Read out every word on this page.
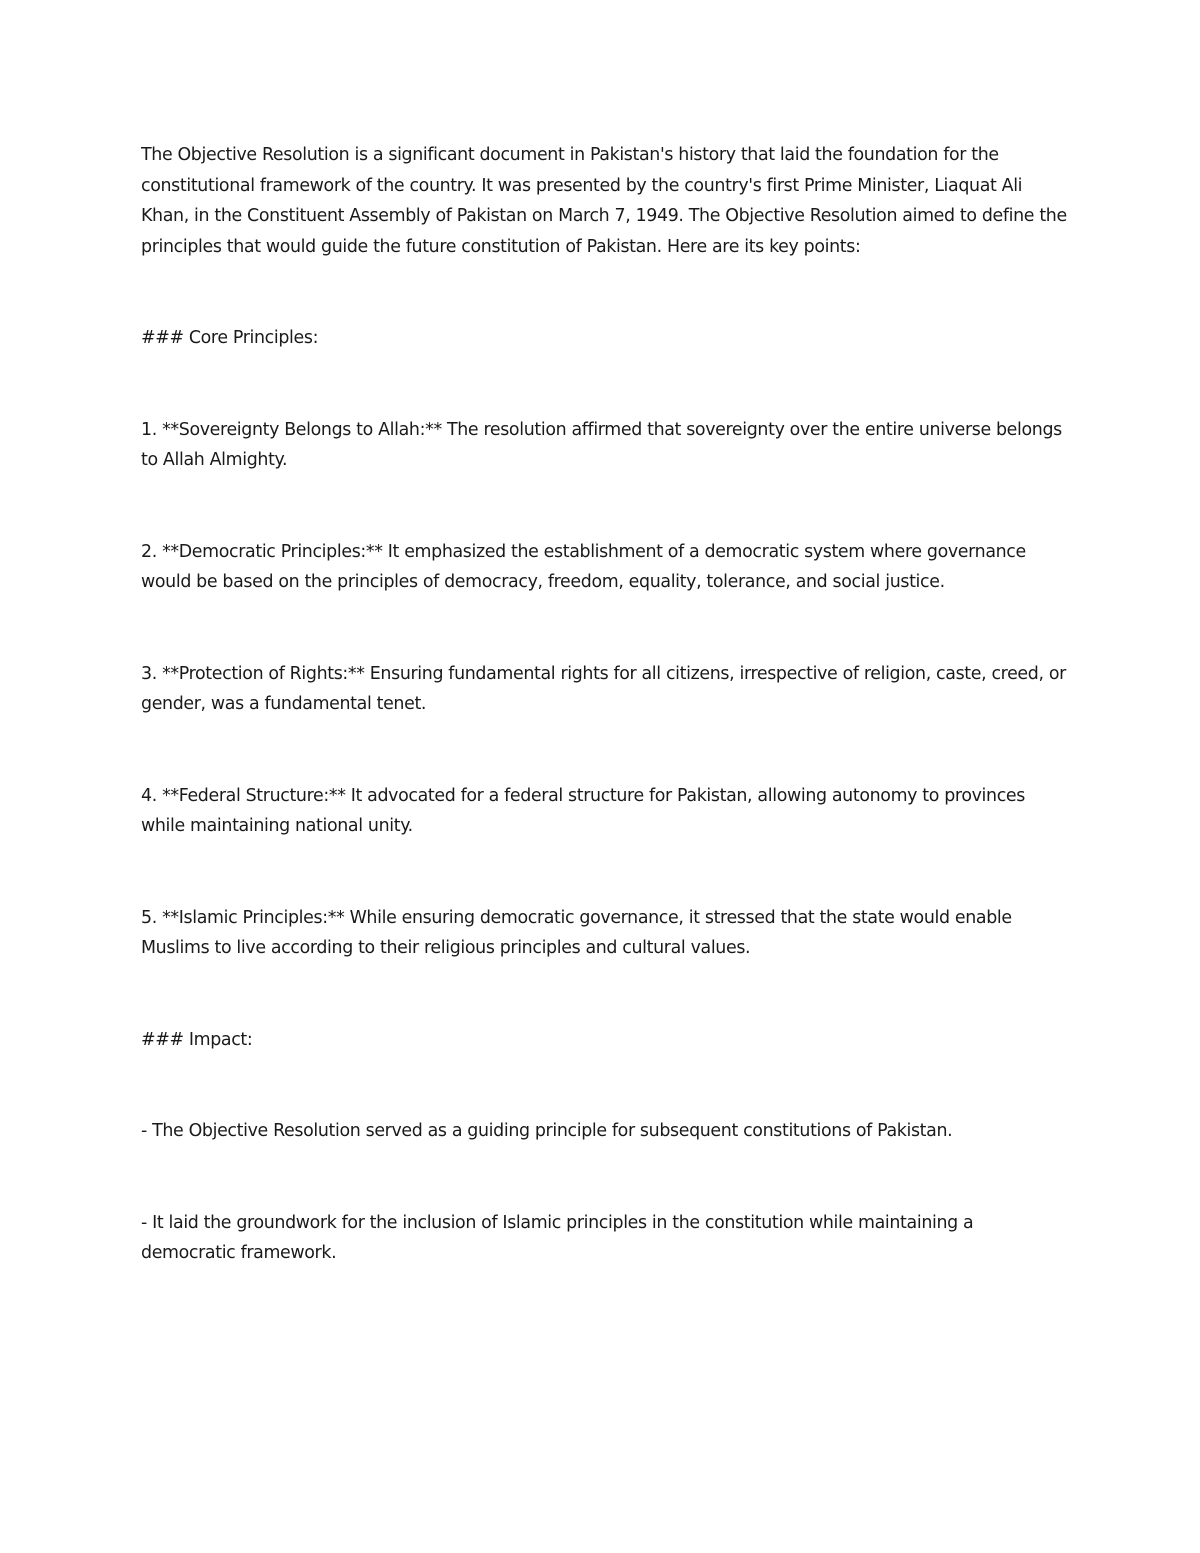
The Objective Resolution is a significant document in Pakistan's history that laid the foundation for the constitutional framework of the country. It was presented by the country's first Prime Minister, Liaquat Ali Khan, in the Constituent Assembly of Pakistan on March 7, 1949. The Objective Resolution aimed to define the principles that would guide the future constitution of Pakistan. Here are its key points:

### Core Principles:

1. **Sovereignty Belongs to Allah:** The resolution affirmed that sovereignty over the entire universe belongs to Allah Almighty.

2. **Democratic Principles:** It emphasized the establishment of a democratic system where governance would be based on the principles of democracy, freedom, equality, tolerance, and social justice.

3. **Protection of Rights:** Ensuring fundamental rights for all citizens, irrespective of religion, caste, creed, or gender, was a fundamental tenet.

4. **Federal Structure:** It advocated for a federal structure for Pakistan, allowing autonomy to provinces while maintaining national unity.

5. **Islamic Principles:** While ensuring democratic governance, it stressed that the state would enable Muslims to live according to their religious principles and cultural values.

### Impact:

- The Objective Resolution served as a guiding principle for subsequent constitutions of Pakistan.

- It laid the groundwork for the inclusion of Islamic principles in the constitution while maintaining a democratic framework.
